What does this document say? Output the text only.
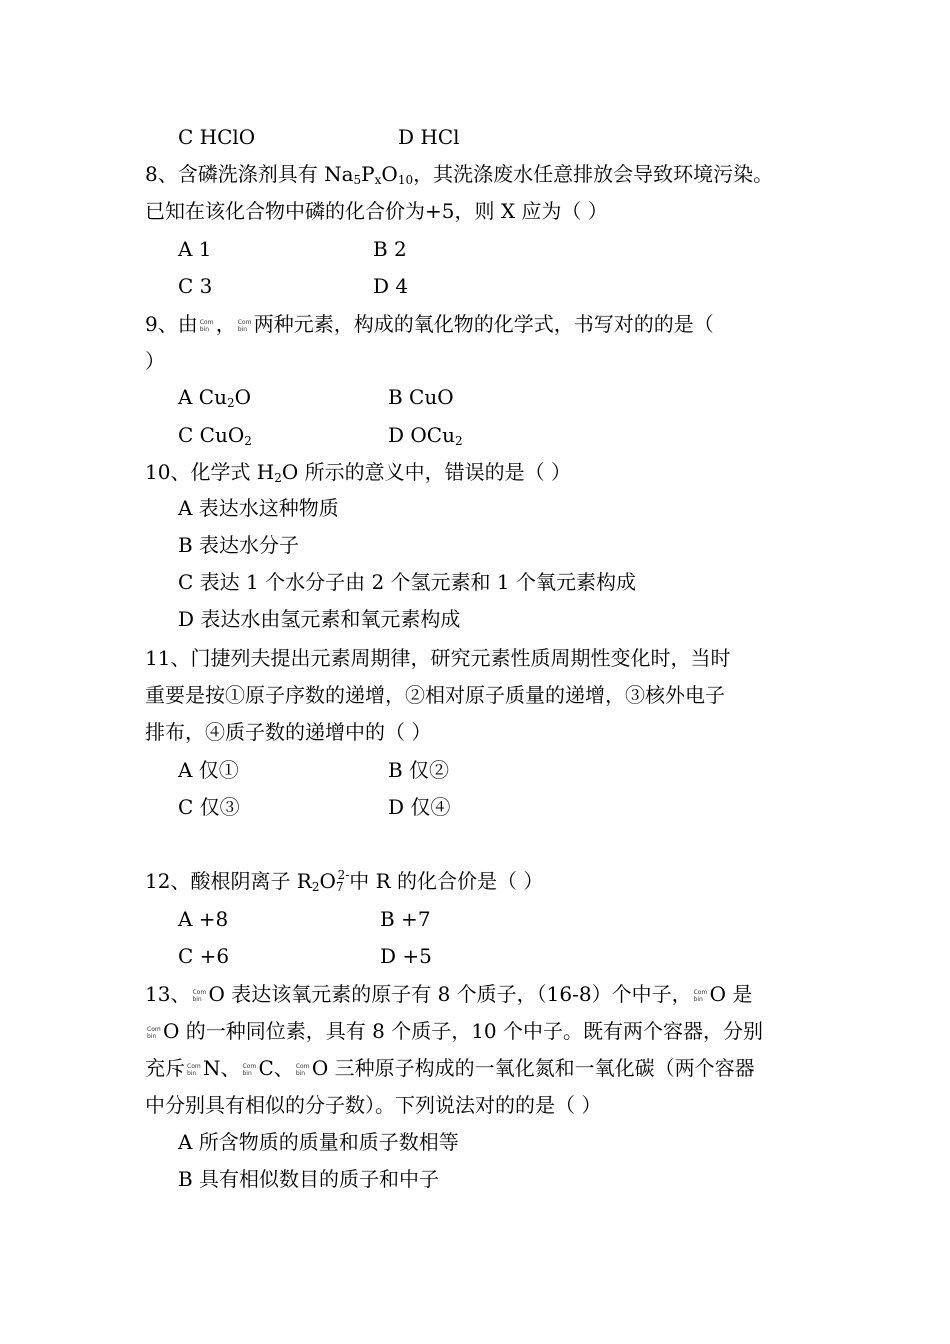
C HClO	D HCl
8、含磷洗涤剂具有 $Na_5P_xO_{10}$，其洗涤废水任意排放会导致环境污染。
已知在该化合物中磷的化合价为+5，则 X 应为（ ）
A 1	B 2
C 3	D 4
9、由 Com
bin ， Com
bin 两种元素，构成的氧化物的化学式，书写对的的是（
）
A $Cu_2O$	B CuO
C CuO$_2$	D OCu$_2$
10、化学式 $H_2O$ 所示的意义中，错误的是（ ）
A 表达水这种物质
B 表达水分子
C 表达 1 个水分子由 2 个氢元素和 1 个氧元素构成
D 表达水由氢元素和氧元素构成
11、门捷列夫提出元素周期律，研究元素性质周期性变化时，当时
重要是按①原子序数的递增，②相对原子质量的递增，③核外电子
排布，④质子数的递增中的（ ）
A 仅①	B 仅②
C 仅③	D 仅④
12、酸根阴离子 $R_2O_7^{2-}$中 R 的化合价是（ ）
A +8	B +7
C +6	D +5
13、 Com
bin O 表达该氧元素的原子有 8 个质子，（16-8）个中子， Com
bin O 是
Com
bin O 的一种同位素，具有 8 个质子，10 个中子。既有两个容器，分别
充斥 Com
bin N、 Com
bin C、 Com
bin O 三种原子构成的一氧化氮和一氧化碳（两个容器
中分别具有相似的分子数）。下列说法对的的是（ ）
A 所含物质的质量和质子数相等
B 具有相似数目的质子和中子
